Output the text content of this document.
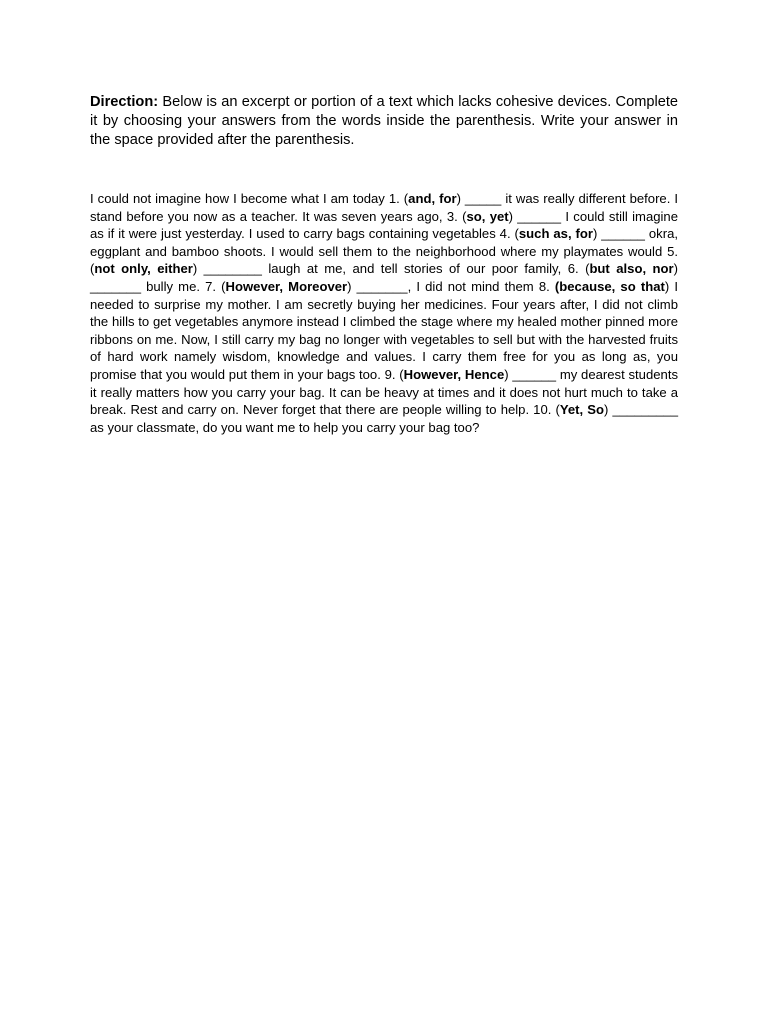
Direction: Below is an excerpt or portion of a text which lacks cohesive devices. Complete it by choosing your answers from the words inside the parenthesis. Write your answer in the space provided after the parenthesis.

I could not imagine how I become what I am today 1. (and, for) _____ it was really different before. I stand before you now as a teacher. It was seven years ago, 3. (so, yet) ______ I could still imagine as if it were just yesterday. I used to carry bags containing vegetables 4. (such as, for) ______ okra, eggplant and bamboo shoots. I would sell them to the neighborhood where my playmates would 5. (not only, either) ________ laugh at me, and tell stories of our poor family, 6. (but also, nor) _______ bully me. 7. (However, Moreover) _______, I did not mind them 8. (because, so that) I needed to surprise my mother. I am secretly buying her medicines. Four years after, I did not climb the hills to get vegetables anymore instead I climbed the stage where my healed mother pinned more ribbons on me. Now, I still carry my bag no longer with vegetables to sell but with the harvested fruits of hard work namely wisdom, knowledge and values. I carry them free for you as long as, you promise that you would put them in your bags too. 9. (However, Hence) ______ my dearest students it really matters how you carry your bag. It can be heavy at times and it does not hurt much to take a break. Rest and carry on. Never forget that there are people willing to help. 10. (Yet, So) _________ as your classmate, do you want me to help you carry your bag too?
